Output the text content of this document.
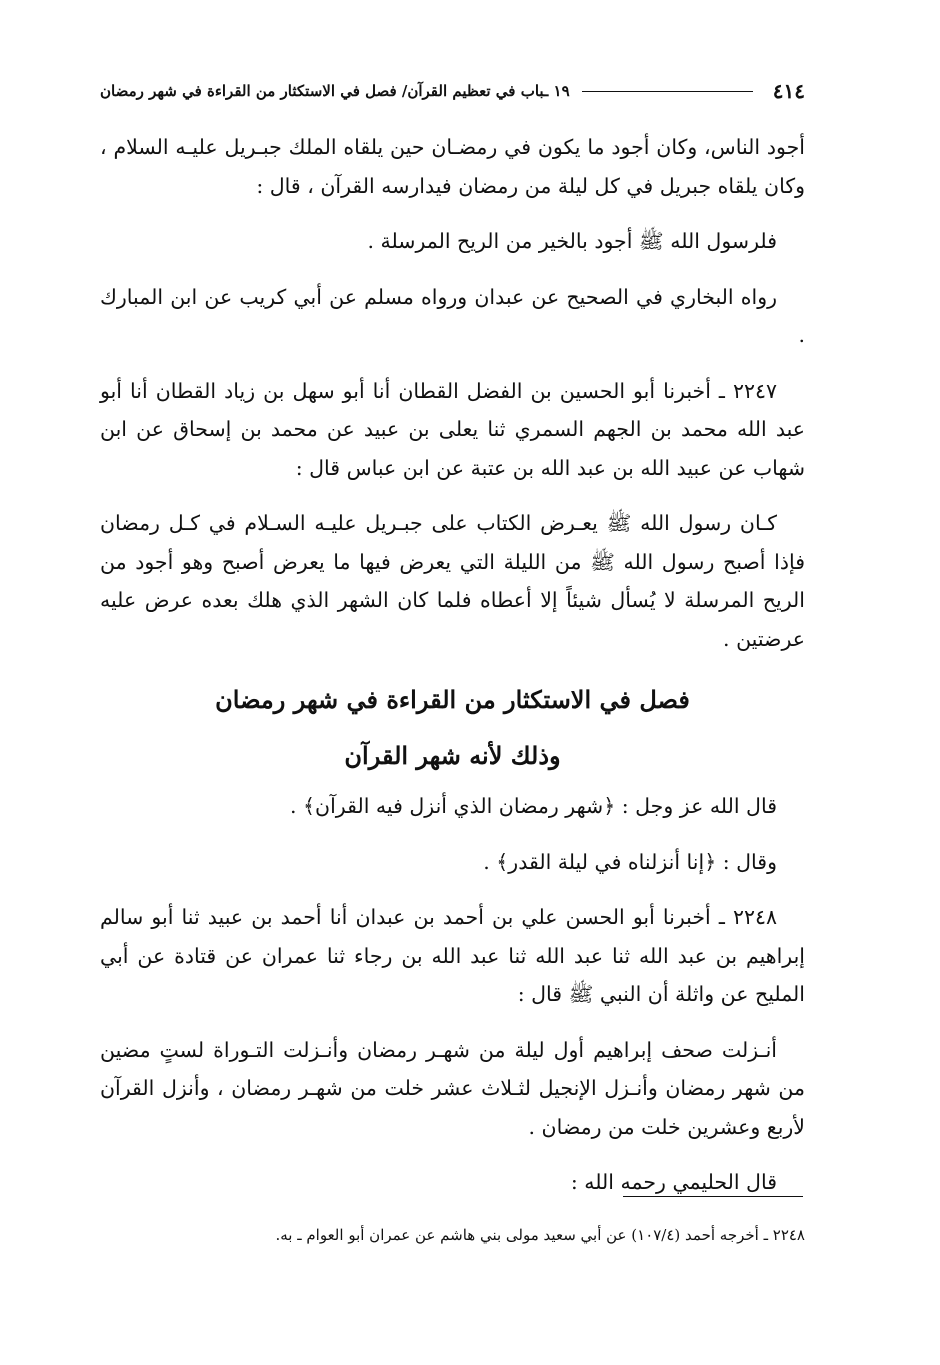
٤١٤
١٩ ـباب في تعظيم القرآن/ فصل في الاستكثار من القراءة في شهر رمضان

أجود الناس، وكان أجود ما يكون في رمضـان حين يلقاه الملك جبـريل عليـه السلام ، وكان يلقاه جبريل في كل ليلة من رمضان فيدارسه القرآن ، قال :

فلرسول الله ﷺ أجود بالخير من الريح المرسلة .

رواه البخاري في الصحيح عن عبدان ورواه مسلم عن أبي كريب عن ابن المبارك .

٢٢٤٧ ـ أخبرنا أبو الحسين بن الفضل القطان أنا أبو سهل بن زياد القطان أنا أبو عبد الله محمد بن الجهم السمري ثنا يعلى بن عبيد عن محمد بن إسحاق عن ابن شهاب عن عبيد الله بن عبد الله بن عتبة عن ابن عباس قال :

كـان رسول الله ﷺ يعـرض الكتاب على جبـريل عليـه السـلام في كـل رمضان فإذا أصبح رسول الله ﷺ من الليلة التي يعرض فيها ما يعرض أصبح وهو أجود من الريح المرسلة لا يُسأل شيئاً إلا أعطاه فلما كان الشهر الذي هلك بعده عرض عليه عرضتين .

فصل في الاستكثار من القراءة في شهر رمضان
وذلك لأنه شهر القرآن

قال الله عز وجل : ﴿شهر رمضان الذي أنزل فيه القرآن﴾ .

وقال : ﴿إنا أنزلناه في ليلة القدر﴾ .

٢٢٤٨ ـ أخبرنا أبو الحسن علي بن أحمد بن عبدان أنا أحمد بن عبيد ثنا أبو سالم إبراهيم بن عبد الله ثنا عبد الله ثنا عبد الله بن رجاء ثنا عمران عن قتادة عن أبي المليح عن واثلة أن النبي ﷺ قال :

أنـزلت صحف إبراهيم أول ليلة من شهـر رمضان وأنـزلت التـوراة لستٍ مضين من شهر رمضان وأنـزل الإنجيل لثـلاث عشر خلت من شهـر رمضان ، وأنزل القرآن لأربع وعشرين خلت من رمضان .

قال الحليمي رحمه الله :

٢٢٤٨ ـ أخرجه أحمد (١٠٧/٤) عن أبي سعيد مولى بني هاشم عن عمران أبو العوام ـ به.
